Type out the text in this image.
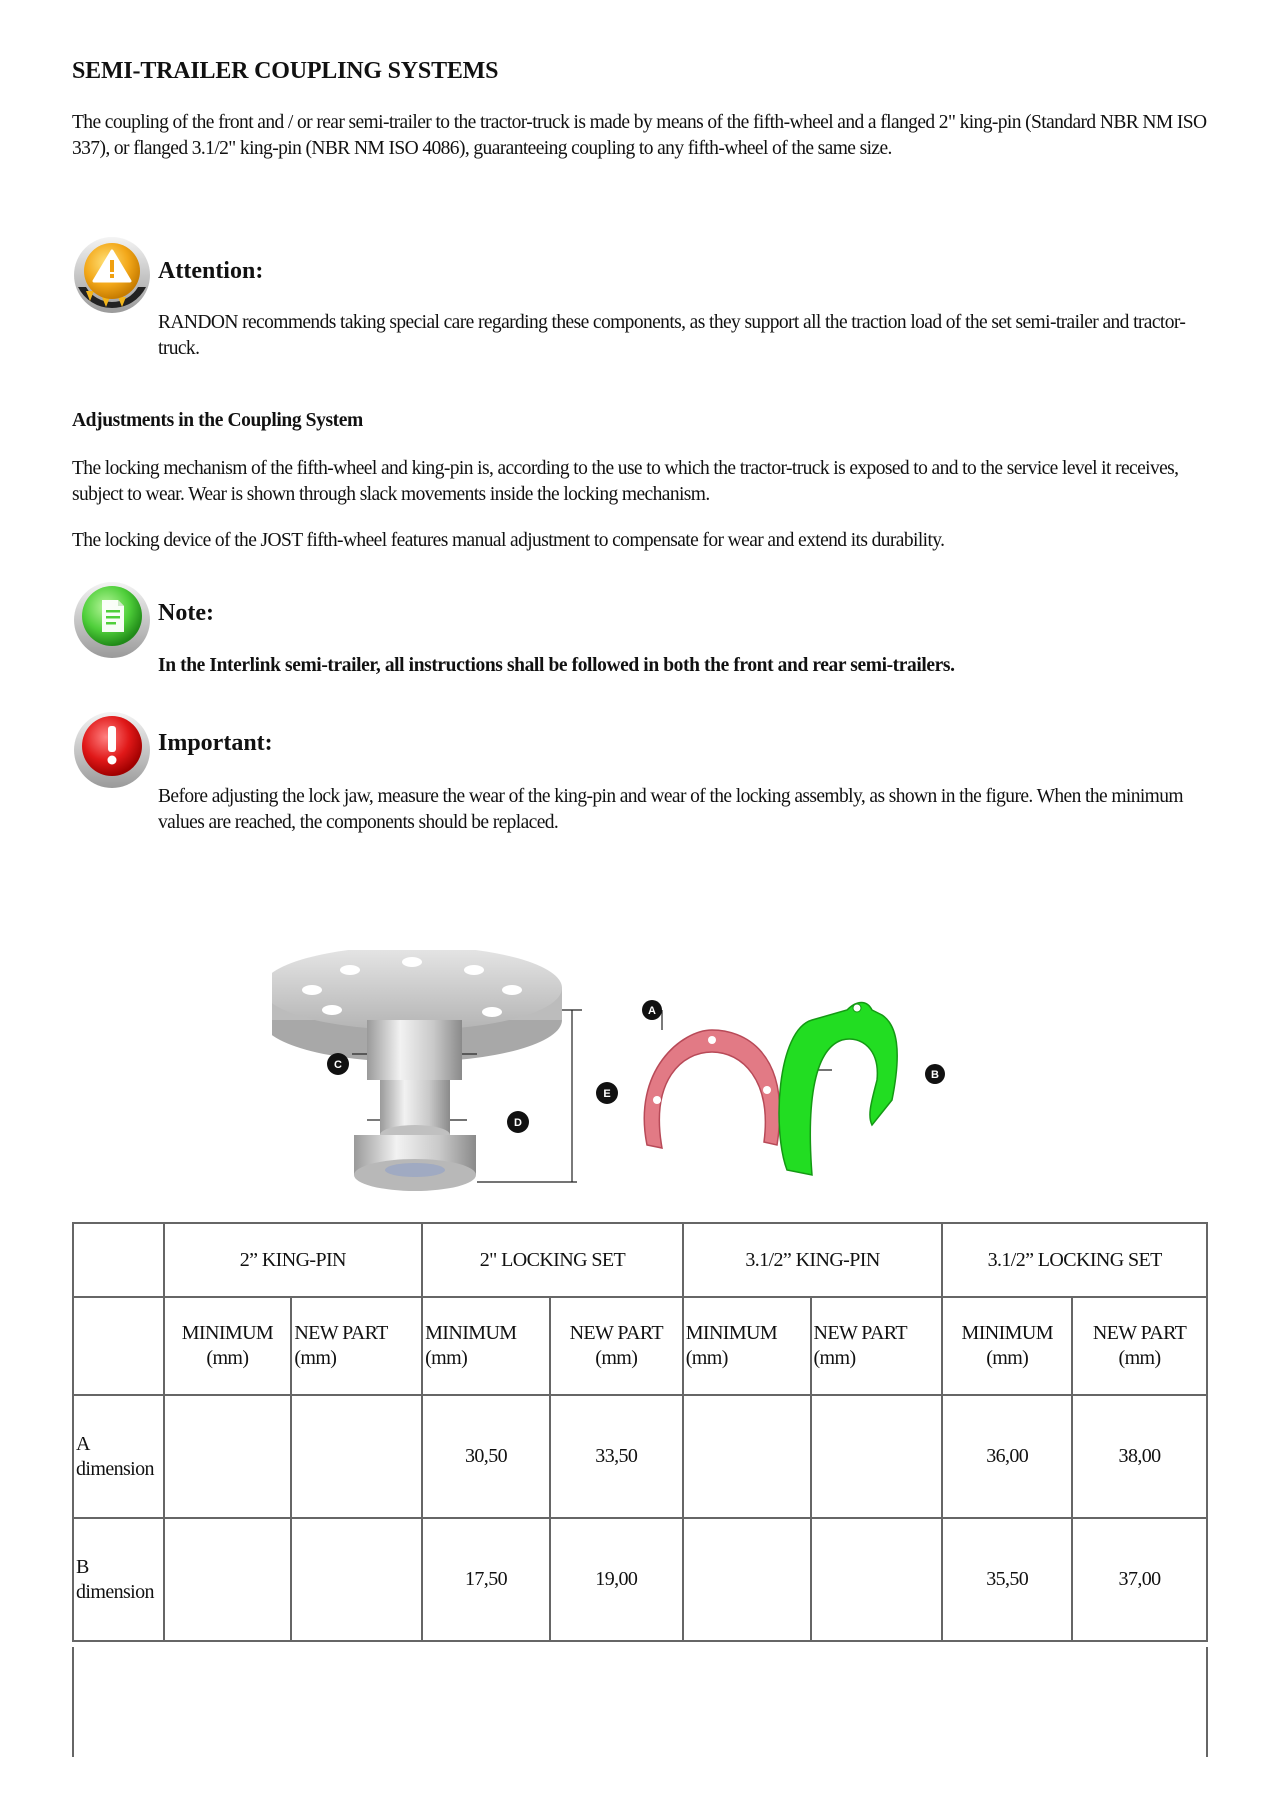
SEMI-TRAILER COUPLING SYSTEMS

The coupling of the front and / or rear semi-trailer to the tractor-truck is made by means of the fifth-wheel and a flanged 2" king-pin (Standard NBR NM ISO 337), or flanged 3.1/2" king-pin (NBR NM ISO 4086), guaranteeing coupling to any fifth-wheel of the same size.

Attention:

RANDON recommends taking special care regarding these components, as they support all the traction load of the set semi-trailer and tractor-truck.

Adjustments in the Coupling System

The locking mechanism of the fifth-wheel and king-pin is, according to the use to which the tractor-truck is exposed to and to the service level it receives, subject to wear. Wear is shown through slack movements inside the locking mechanism.

The locking device of the JOST fifth-wheel features manual adjustment to compensate for wear and extend its durability.

Note:

In the Interlink semi-trailer, all instructions shall be followed in both the front and rear semi-trailers.

Important:

Before adjusting the lock jaw, measure the wear of the king-pin and wear of the locking assembly, as shown in the figure. When the minimum values are reached, the components should be replaced.

C
E
D
A
B
	2” KING-PIN		2" LOCKING SET		3.1/2” KING-PIN		3.1/2” LOCKING SET	
	MINIMUM (mm)	NEW PART (mm)	MINIMUM (mm)	NEW PART (mm)	MINIMUM (mm)	NEW PART (mm)	MINIMUM (mm)	NEW PART (mm)
A dimension			30,50	33,50			36,00	38,00
B dimension			17,50	19,00			35,50	37,00
